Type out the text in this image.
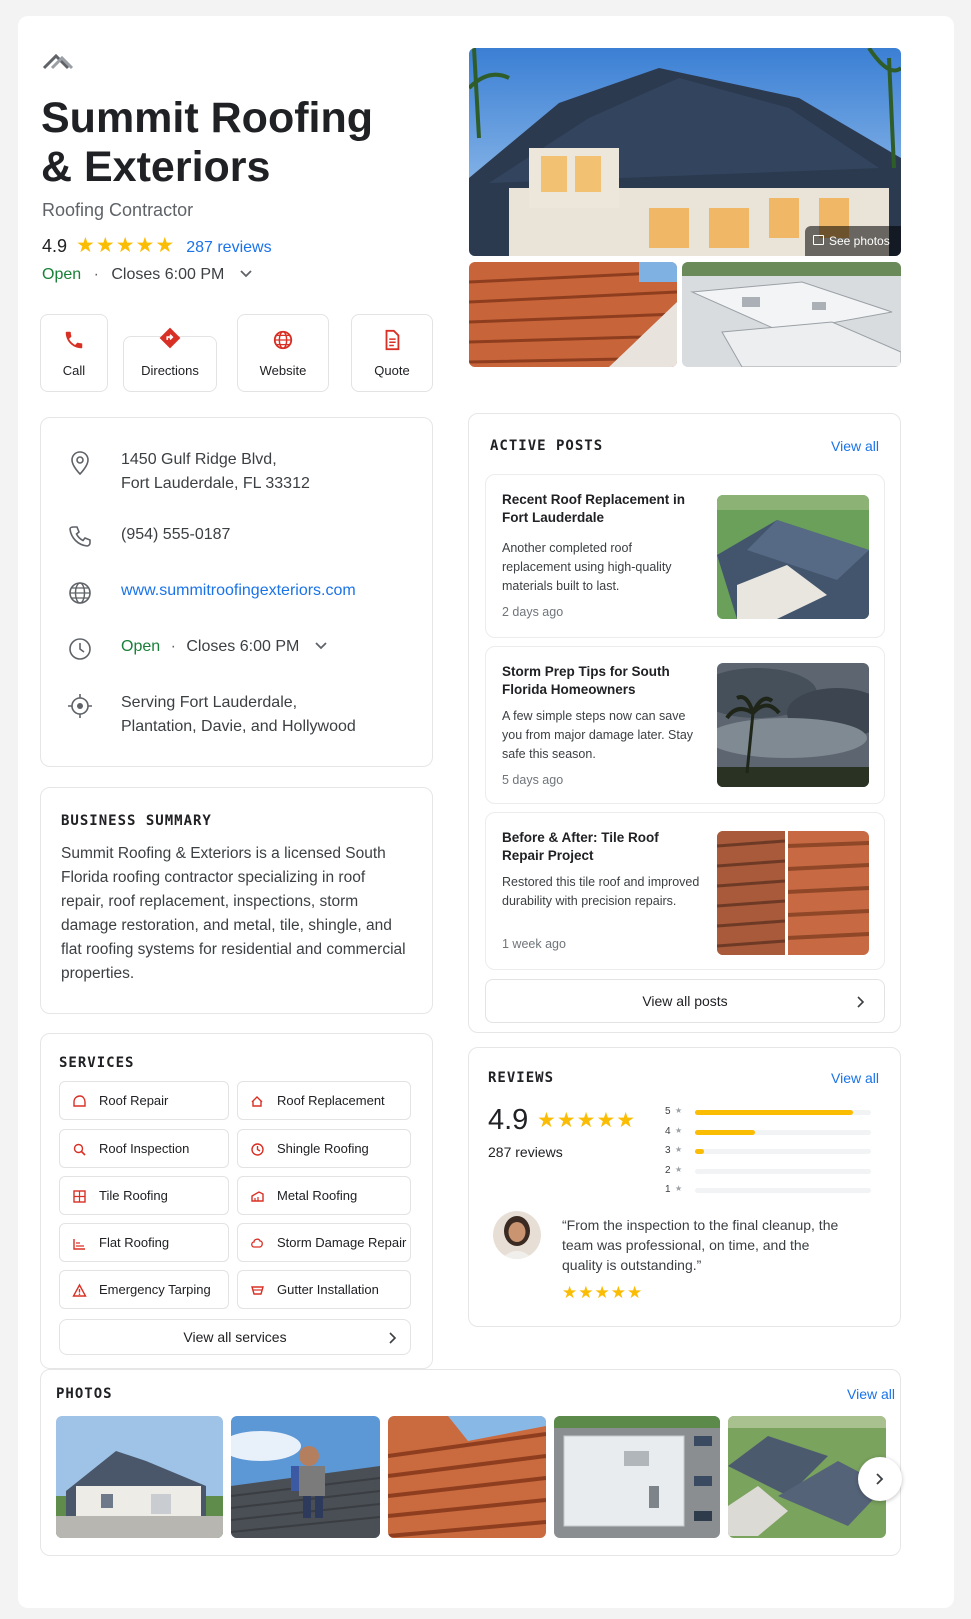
Summit Roofing
& Exteriors
Roofing Contractor
4.9 ★★★★★ 287 reviews
Open · Closes 6:00 PM
Call	Directions	Website	Quote
See photos
1450 Gulf Ridge Blvd,
Fort Lauderdale, FL 33312
(954) 555-0187
www.summitroofingexteriors.com
Open · Closes 6:00 PM
Serving Fort Lauderdale,
Plantation, Davie, and Hollywood
BUSINESS SUMMARY
Summit Roofing & Exteriors is a licensed South Florida roofing contractor specializing in roof repair, roof replacement, inspections, storm damage restoration, and metal, tile, shingle, and flat roofing systems for residential and commercial properties.
SERVICES
Roof Repair	Roof Replacement
Roof Inspection	Shingle Roofing
Tile Roofing	Metal Roofing
Flat Roofing	Storm Damage Repair
Emergency Tarping	Gutter Installation
View all services
ACTIVE POSTS	View all
Recent Roof Replacement in Fort Lauderdale
Another completed roof replacement using high-quality materials built to last.
2 days ago
Storm Prep Tips for South Florida Homeowners
A few simple steps now can save you from major damage later. Stay safe this season.
5 days ago
Before & After: Tile Roof Repair Project
Restored this tile roof and improved durability with precision repairs.
1 week ago
View all posts
REVIEWS	View all
4.9 ★★★★★
287 reviews
5 ★
4 ★
3 ★
2 ★
1 ★
“From the inspection to the final cleanup, the team was professional, on time, and the quality is outstanding.”
★★★★★
PHOTOS	View all
